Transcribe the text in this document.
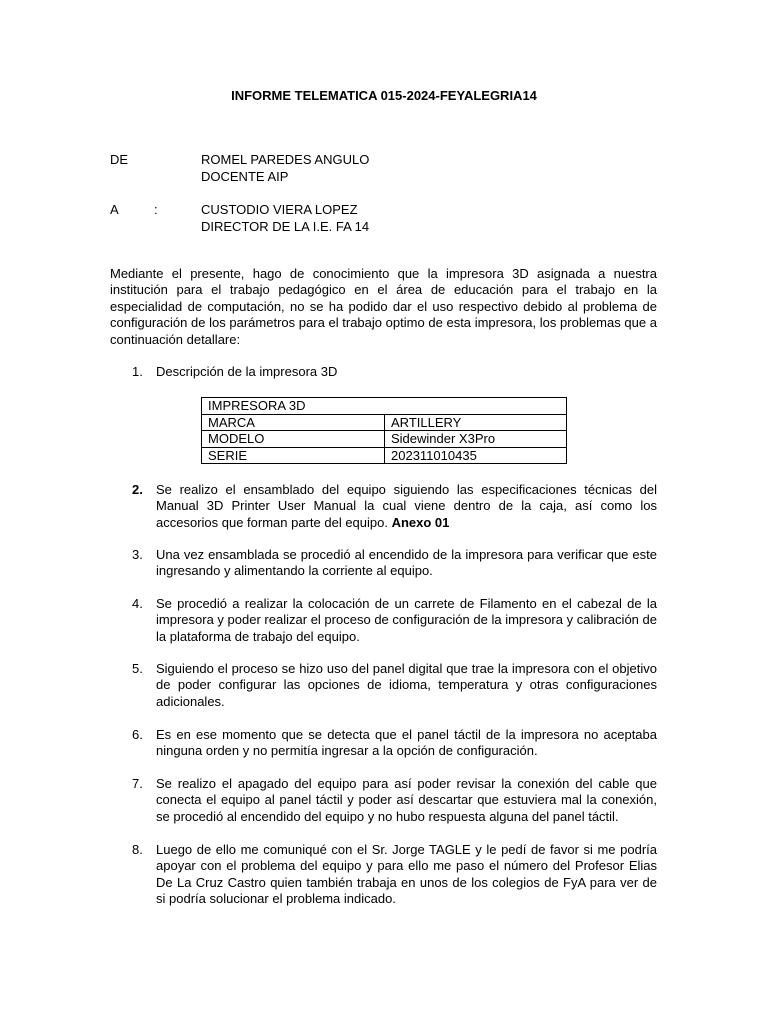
INFORME TELEMATICA 015-2024-FEYALEGRIA14
DE	ROMEL PAREDES ANGULO
DOCENTE AIP
A	:	CUSTODIO VIERA LOPEZ
DIRECTOR DE LA I.E. FA 14
Mediante el presente, hago de conocimiento que la impresora 3D asignada a nuestra institución para el trabajo pedagógico en el área de educación para el trabajo en la especialidad de computación, no se ha podido dar el uso respectivo debido al problema de configuración de los parámetros para el trabajo optimo de esta impresora, los problemas que a continuación detallare:
1.	Descripción de la impresora 3D
IMPRESORA 3D	
MARCA	ARTILLERY
MODELO	Sidewinder X3Pro
SERIE	202311010435
2.	Se realizo el ensamblado del equipo siguiendo las especificaciones técnicas del Manual 3D Printer User Manual la cual viene dentro de la caja, así como los accesorios que forman parte del equipo. Anexo 01
3.	Una vez ensamblada se procedió al encendido de la impresora para verificar que este ingresando y alimentando la corriente al equipo.
4.	Se procedió a realizar la colocación de un carrete de Filamento en el cabezal de la impresora y poder realizar el proceso de configuración de la impresora y calibración de la plataforma de trabajo del equipo.
5.	Siguiendo el proceso se hizo uso del panel digital que trae la impresora con el objetivo de poder configurar las opciones de idioma, temperatura y otras configuraciones adicionales.
6.	Es en ese momento que se detecta que el panel táctil de la impresora no aceptaba ninguna orden y no permitía ingresar a la opción de configuración.
7.	Se realizo el apagado del equipo para así poder revisar la conexión del cable que conecta el equipo al panel táctil y poder así descartar que estuviera mal la conexión, se procedió al encendido del equipo y no hubo respuesta alguna del panel táctil.
8.	Luego de ello me comuniqué con el Sr. Jorge TAGLE y le pedí de favor si me podría apoyar con el problema del equipo y para ello me paso el número del Profesor Elias De La Cruz Castro quien también trabaja en unos de los colegios de FyA para ver de si podría solucionar el problema indicado.
